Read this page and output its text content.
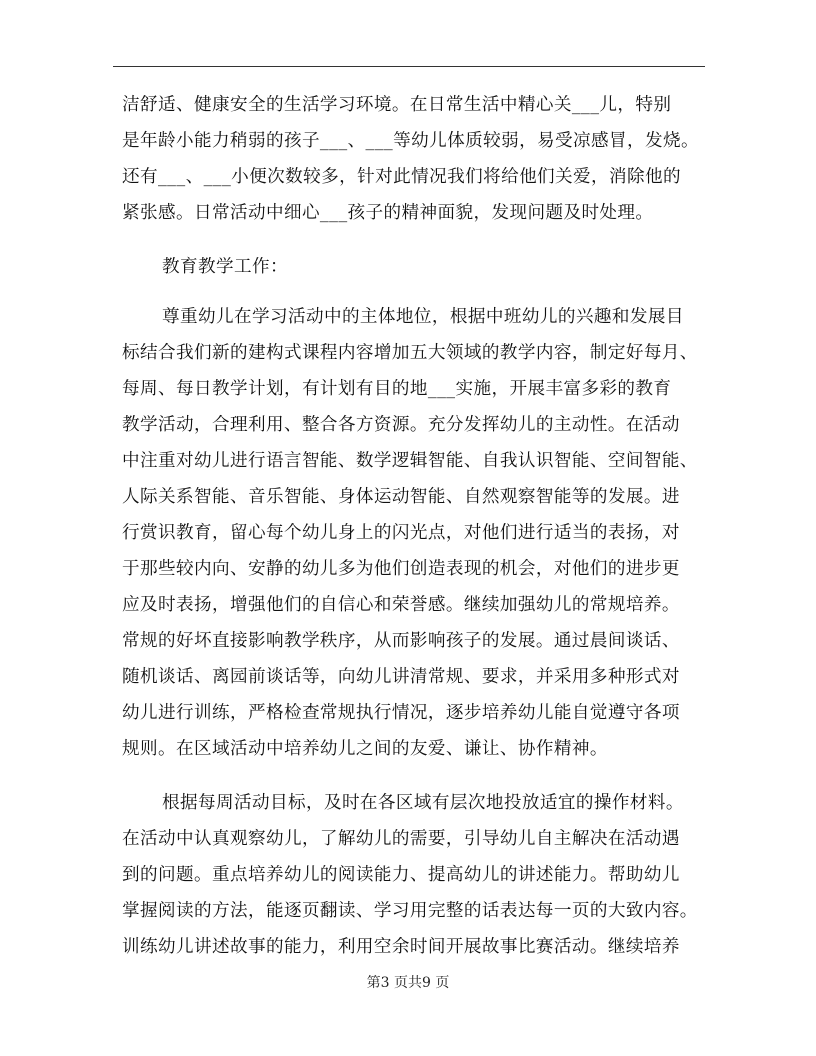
洁舒适、健康安全的生活学习环境。在日常生活中精心关___儿，特别
是年龄小能力稍弱的孩子___、___等幼儿体质较弱，易受凉感冒，发烧。
还有___、___小便次数较多，针对此情况我们将给他们关爱，消除他的
紧张感。日常活动中细心___孩子的精神面貌，发现问题及时处理。
教育教学工作：
尊重幼儿在学习活动中的主体地位，根据中班幼儿的兴趣和发展目
标结合我们新的建构式课程内容增加五大领域的教学内容，制定好每月、
每周、每日教学计划，有计划有目的地___实施，开展丰富多彩的教育
教学活动，合理利用、整合各方资源。充分发挥幼儿的主动性。在活动
中注重对幼儿进行语言智能、数学逻辑智能、自我认识智能、空间智能、
人际关系智能、音乐智能、身体运动智能、自然观察智能等的发展。进
行赏识教育，留心每个幼儿身上的闪光点，对他们进行适当的表扬，对
于那些较内向、安静的幼儿多为他们创造表现的机会，对他们的进步更
应及时表扬，增强他们的自信心和荣誉感。继续加强幼儿的常规培养。
常规的好坏直接影响教学秩序，从而影响孩子的发展。通过晨间谈话、
随机谈话、离园前谈话等，向幼儿讲清常规、要求，并采用多种形式对
幼儿进行训练，严格检查常规执行情况，逐步培养幼儿能自觉遵守各项
规则。在区域活动中培养幼儿之间的友爱、谦让、协作精神。
根据每周活动目标，及时在各区域有层次地投放适宜的操作材料。
在活动中认真观察幼儿，了解幼儿的需要，引导幼儿自主解决在活动遇
到的问题。重点培养幼儿的阅读能力、提高幼儿的讲述能力。帮助幼儿
掌握阅读的方法，能逐页翻读、学习用完整的话表达每一页的大致内容。
训练幼儿讲述故事的能力，利用空余时间开展故事比赛活动。继续培养
第3 页共9 页
